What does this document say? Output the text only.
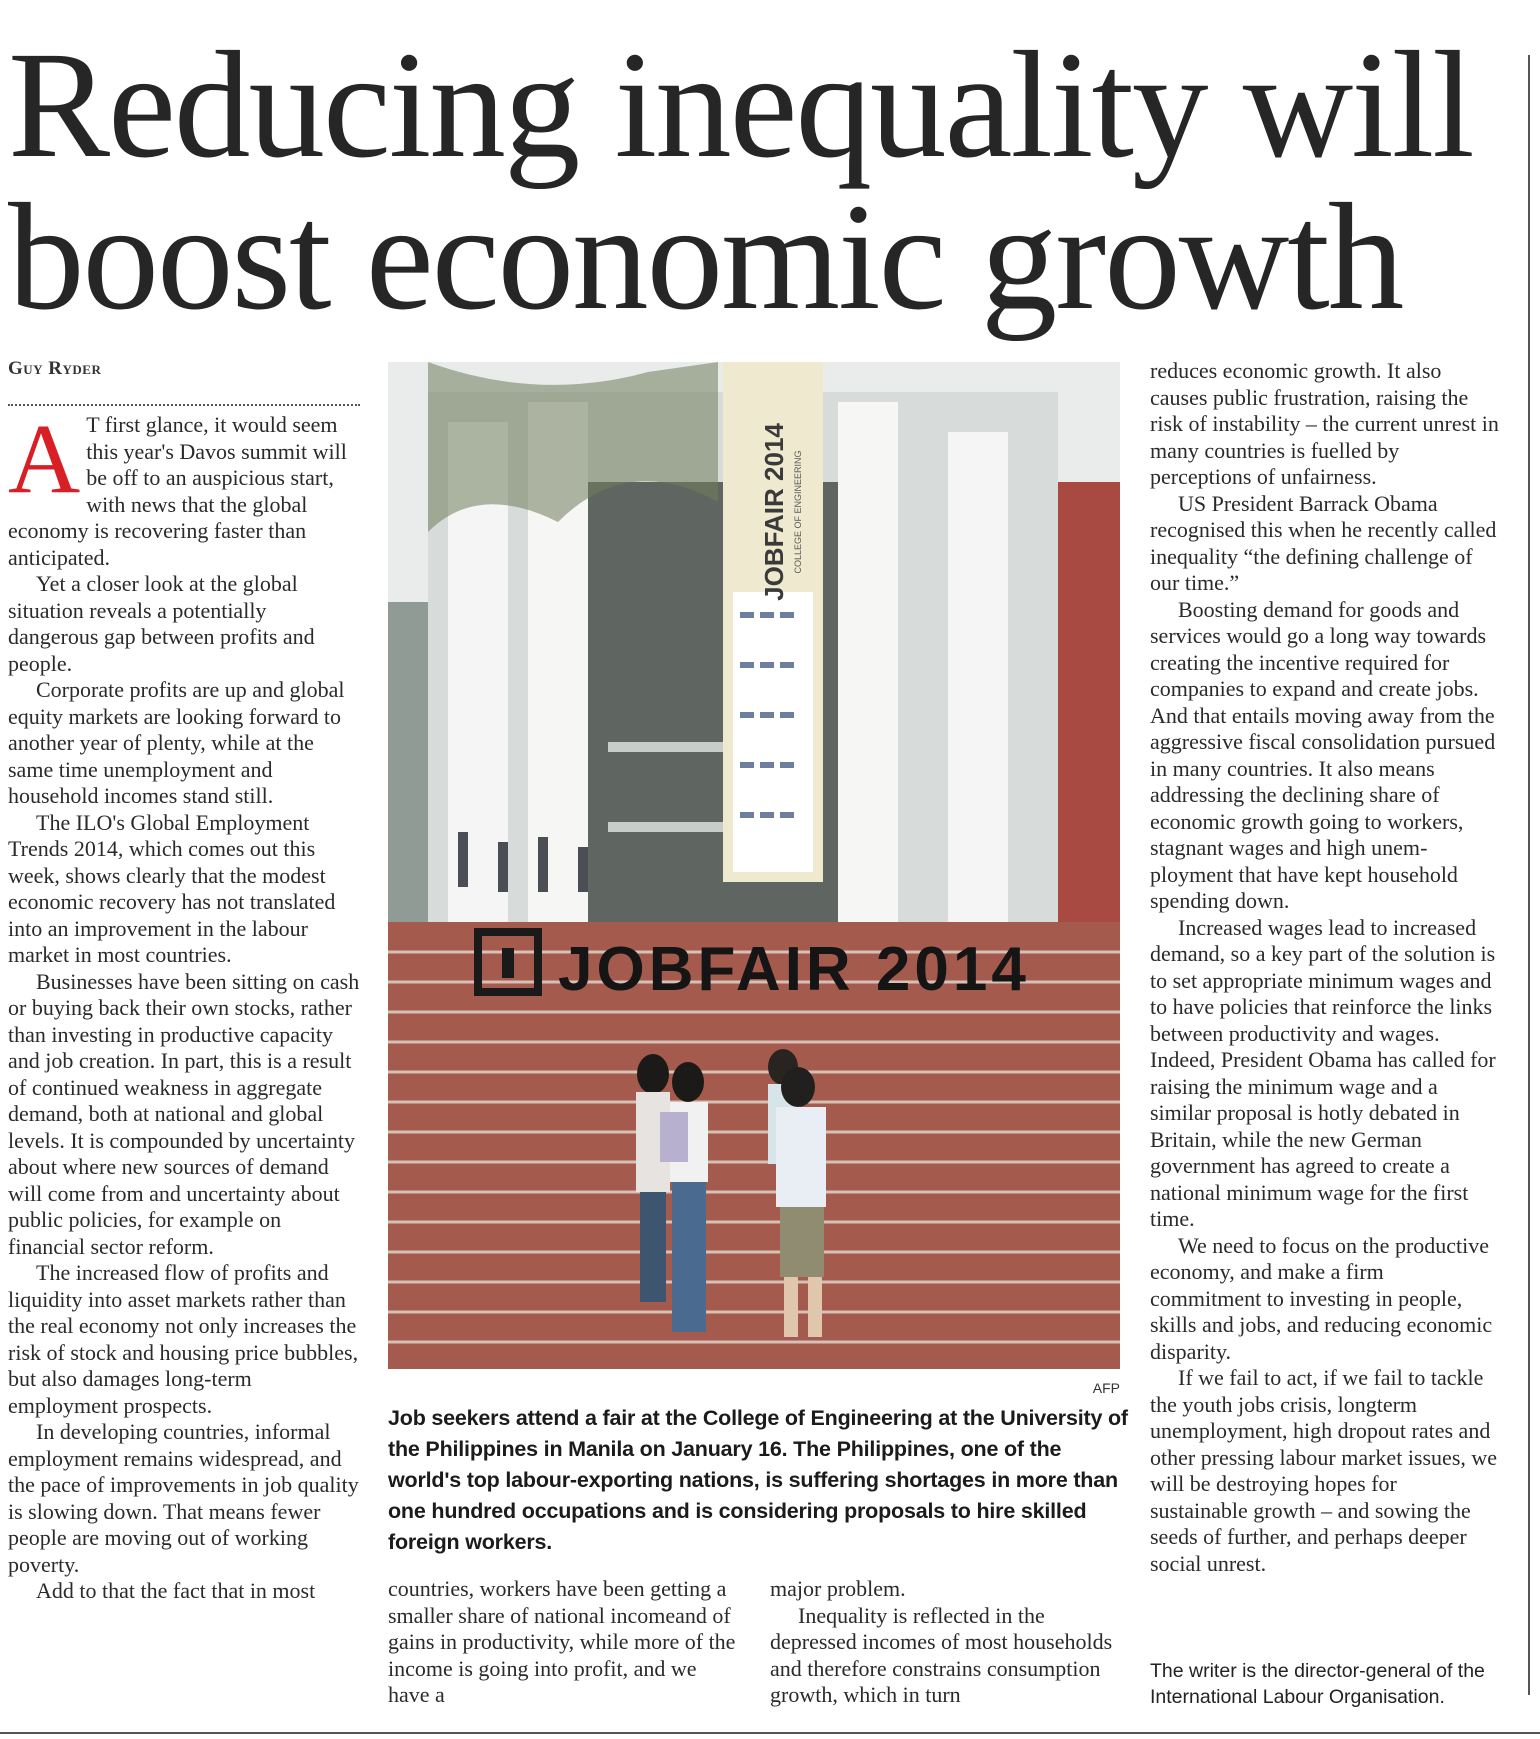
Reducing inequality will
boost economic growth
Guy Ryder

A T first glance, it would seem this year's Davos summit will be off to an auspicious start, with news that the global economy is recovering faster than anticipated.

Yet a closer look at the global situation reveals a potentially dangerous gap between profits and people.

Corporate profits are up and global equity markets are looking forward to another year of plenty, while at the same time unemployment and household incomes stand still.

The ILO's Global Employment Trends 2014, which comes out this week, shows clearly that the modest economic recovery has not translated into an improvement in the labour market in most countries.

Businesses have been sitting on cash or buying back their own stocks, rather than investing in productive capacity and job creation. In part, this is a result of continued weakness in aggregate demand, both at national and global levels. It is compounded by uncertainty about where new sources of demand will come from and uncertainty about public policies, for example on financial sector reform.

The increased flow of profits and liquidity into asset markets rather than the real economy not only increases the risk of stock and housing price bubbles, but also damages long-term employment prospects.

In developing countries, informal employment remains widespread, and the pace of improvements in job quality is slowing down. That means fewer people are moving out of working poverty.

Add to that the fact that in most

JOBFAIR 2014 COLLEGE OF ENGINEERING
JOBFAIR 2014
AFP
Job seekers attend a fair at the College of Engineering at the University of the Philippines in Manila on January 16. The Philippines, one of the world's top labour-exporting nations, is suffering shortages in more than one hundred occupations and is considering proposals to hire skilled foreign workers.

countries, workers have been getting a smaller share of national incomeand of gains in productivity, while more of the income is going into profit, and we have a

major problem.

Inequality is reflected in the depressed incomes of most households and therefore constrains consumption growth, which in turn

reduces economic growth. It also causes public frustration, raising the risk of instability – the current unrest in many countries is fuelled by perceptions of unfairness.

US President Barrack Obama recognised this when he recently called inequality “the defining challenge of our time.”

Boosting demand for goods and services would go a long way towards creating the incentive required for companies to expand and create jobs. And that entails moving away from the aggressive fiscal consolidation pursued in many countries. It also means addressing the declining share of economic growth going to workers, stagnant wages and high unemployment that have kept household spending down.

Increased wages lead to increased demand, so a key part of the solution is to set appropriate minimum wages and to have policies that reinforce the links between productivity and wages. Indeed, President Obama has called for raising the minimum wage and a similar proposal is hotly debated in Britain, while the new German government has agreed to create a national minimum wage for the first time.

We need to focus on the productive economy, and make a firm commitment to investing in people, skills and jobs, and reducing economic disparity.

If we fail to act, if we fail to tackle the youth jobs crisis, longterm unemployment, high dropout rates and other pressing labour market issues, we will be destroying hopes for sustainable growth – and sowing the seeds of further, and perhaps deeper social unrest.

The writer is the director-general of the International Labour Organisation.
